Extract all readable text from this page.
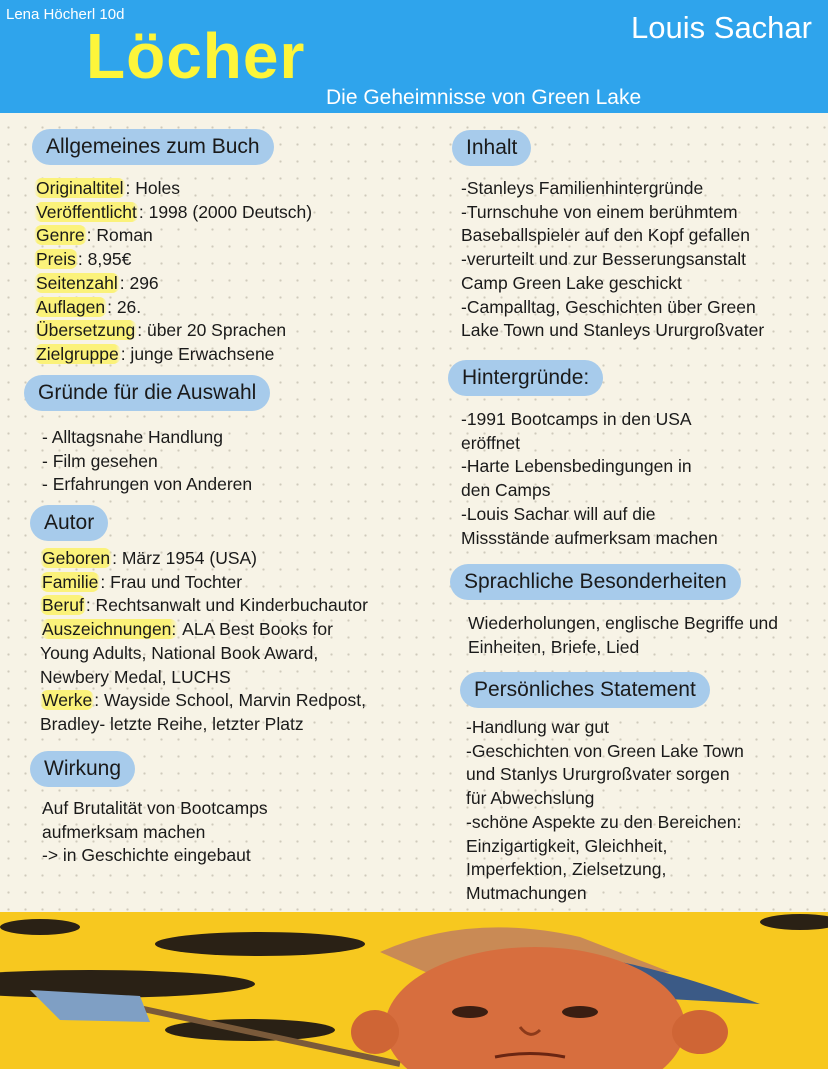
Lena Höcherl 10d
Löcher
Die Geheimnisse von Green Lake
Louis Sachar
Allgemeines zum Buch
Originaltitel : Holes
Veröffentlicht : 1998 (2000 Deutsch)
Genre : Roman
Preis : 8,95€
Seitenzahl : 296
Auflagen : 26.
Übersetzung : über 20 Sprachen
Zielgruppe : junge Erwachsene
Gründe für die Auswahl
- Alltagsnahe Handlung
- Film gesehen
- Erfahrungen von Anderen
Autor
Geboren : März 1954 (USA)
Familie : Frau und Tochter
Beruf : Rechtsanwalt und Kinderbuchautor
Auszeichnungen: ALA Best Books for
Young Adults, National Book Award,
Newbery Medal, LUCHS
Werke : Wayside School, Marvin Redpost,
Bradley- letzte Reihe, letzter Platz
Wirkung
Auf Brutalität von Bootcamps
aufmerksam machen
-> in Geschichte eingebaut
Inhalt
-Stanleys Familienhintergründe
-Turnschuhe von einem berühmtem
Baseballspieler auf den Kopf gefallen
-verurteilt und zur Besserungsanstalt
Camp Green Lake geschickt
-Campalltag, Geschichten über Green
Lake Town und Stanleys Ururgroßvater
Hintergründe:
-1991 Bootcamps in den USA
eröffnet
-Harte Lebensbedingungen in
den Camps
-Louis Sachar will auf die
Missstände aufmerksam machen
Sprachliche Besonderheiten
Wiederholungen, englische Begriffe und
Einheiten, Briefe, Lied
Persönliches Statement
-Handlung war gut
-Geschichten von Green Lake Town
und Stanlys Ururgroßvater sorgen
für Abwechslung
-schöne Aspekte zu den Bereichen:
Einzigartigkeit, Gleichheit,
Imperfektion, Zielsetzung,
Mutmachungen
